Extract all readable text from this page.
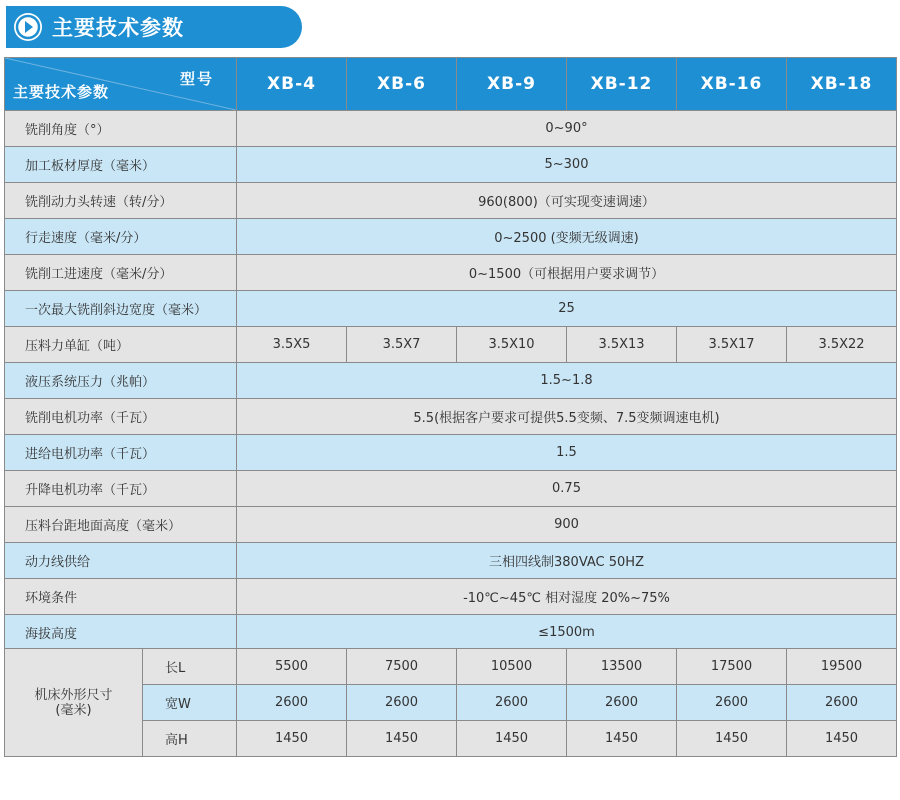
主要技术参数
型号
主要技术参数	XB-4	XB-6	XB-9	XB-12	XB-16	XB-18
铣削角度（°）	0~90°					
加工板材厚度（毫米）	5~300					
铣削动力头转速（转/分）	960(800)（可实现变速调速）					
行走速度（毫米/分）	0~2500 (变频无级调速)					
铣削工进速度（毫米/分）	0~1500（可根据用户要求调节）					
一次最大铣削斜边宽度（毫米）	25					
压料力单缸（吨）	3.5X5	3.5X7	3.5X10	3.5X13	3.5X17	3.5X22
液压系统压力（兆帕）	1.5~1.8					
铣削电机功率（千瓦）	5.5(根据客户要求可提供5.5变频、7.5变频调速电机)					
进给电机功率（千瓦）	1.5					
升降电机功率（千瓦）	0.75					
压料台距地面高度（毫米）	900					
动力线供给	三相四线制380VAC 50HZ					
环境条件	-10℃~45℃ 相对湿度 20%~75%					
海拔高度	≤1500m					
机床外形尺寸
(毫米)	长L	5500	7500	10500	13500	17500	19500
	宽W	2600	2600	2600	2600	2600	2600
	高H	1450	1450	1450	1450	1450	1450
